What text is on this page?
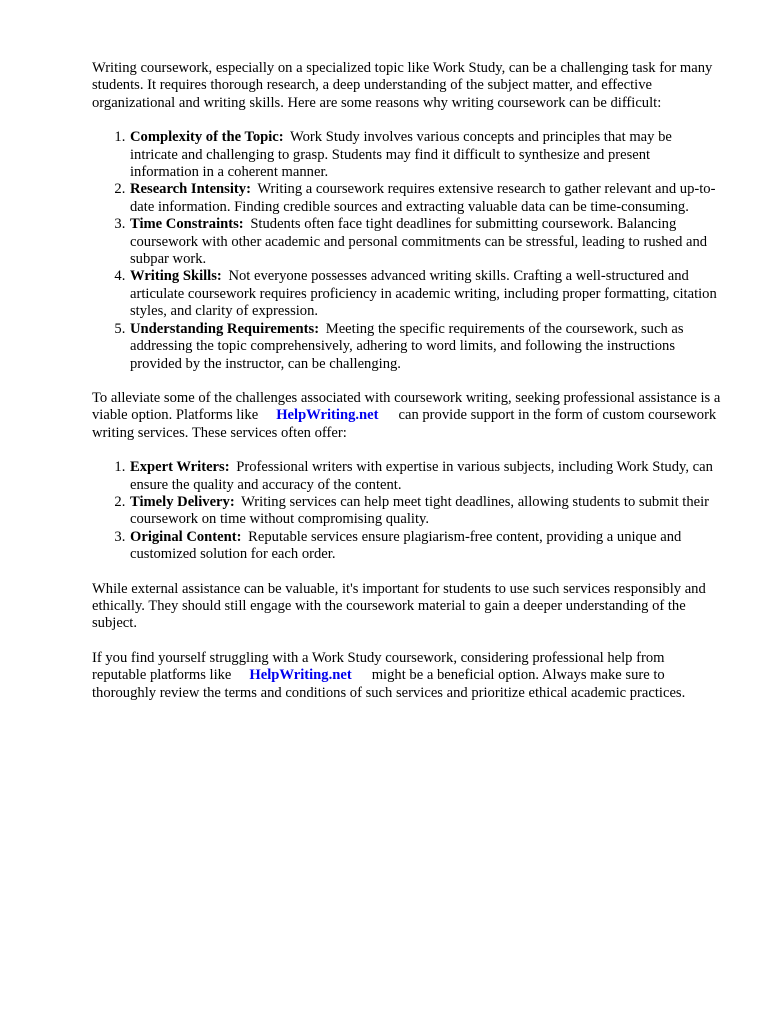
Writing coursework, especially on a specialized topic like Work Study, can be a challenging task for many students. It requires thorough research, a deep understanding of the subject matter, and effective organizational and writing skills. Here are some reasons why writing coursework can be difficult:

1. Complexity of the Topic: Work Study involves various concepts and principles that may be intricate and challenging to grasp. Students may find it difficult to synthesize and present information in a coherent manner.
2. Research Intensity: Writing a coursework requires extensive research to gather relevant and up-to-date information. Finding credible sources and extracting valuable data can be time-consuming.
3. Time Constraints: Students often face tight deadlines for submitting coursework. Balancing coursework with other academic and personal commitments can be stressful, leading to rushed and subpar work.
4. Writing Skills: Not everyone possesses advanced writing skills. Crafting a well-structured and articulate coursework requires proficiency in academic writing, including proper formatting, citation styles, and clarity of expression.
5. Understanding Requirements: Meeting the specific requirements of the coursework, such as addressing the topic comprehensively, adhering to word limits, and following the instructions provided by the instructor, can be challenging.

To alleviate some of the challenges associated with coursework writing, seeking professional assistance is a viable option. Platforms like HelpWriting.net can provide support in the form of custom coursework writing services. These services often offer:

1. Expert Writers: Professional writers with expertise in various subjects, including Work Study, can ensure the quality and accuracy of the content.
2. Timely Delivery: Writing services can help meet tight deadlines, allowing students to submit their coursework on time without compromising quality.
3. Original Content: Reputable services ensure plagiarism-free content, providing a unique and customized solution for each order.

While external assistance can be valuable, it's important for students to use such services responsibly and ethically. They should still engage with the coursework material to gain a deeper understanding of the subject.

If you find yourself struggling with a Work Study coursework, considering professional help from reputable platforms like HelpWriting.net might be a beneficial option. Always make sure to thoroughly review the terms and conditions of such services and prioritize ethical academic practices.
